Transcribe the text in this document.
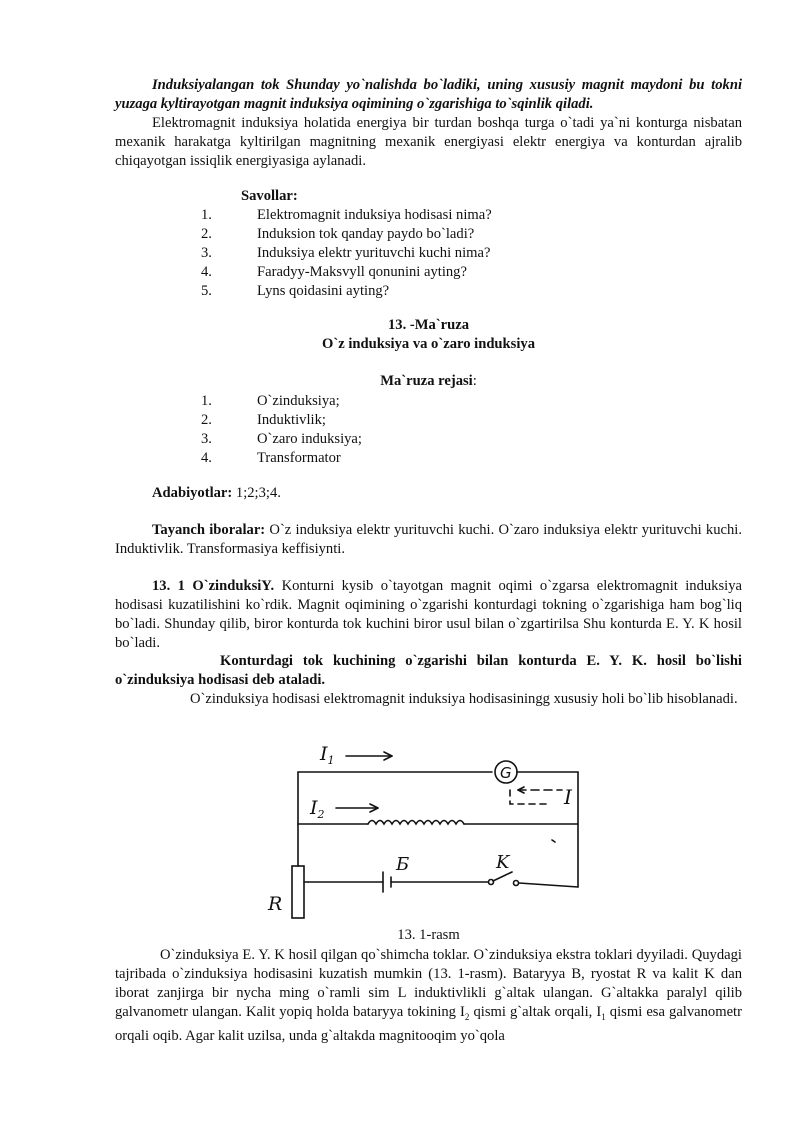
Induksiyalangan tok Shunday yo`nalishda bo`ladiki, uning xususiy magnit maydoni bu tokni yuzaga kyltirayotgan magnit induksiya oqimining o`zgarishiga to`sqinlik qiladi.

Elektromagnit induksiya holatida energiya bir turdan boshqa turga o`tadi ya`ni konturga nisbatan mexanik harakatga kyltirilgan magnitning mexanik energiyasi elektr energiya va konturdan ajralib chiqayotgan issiqlik energiyasiga aylanadi.

Savollar:
1.	Elektromagnit induksiya hodisasi nima?
2.	Induksion tok qanday paydo bo`ladi?
3.	Induksiya elektr yurituvchi kuchi nima?
4.	Faradyy-Maksvyll qonunini ayting?
5.	Lyns qoidasini ayting?
13. -Ma`ruza
O`z induksiya va o`zaro induksiya
Ma`ruza rejasi:
1.	O`zinduksiya;
2.	Induktivlik;
3.	O`zaro induksiya;
4.	Transformator

Adabiyotlar: 1;2;3;4.

Tayanch iboralar: O`z induksiya elektr yurituvchi kuchi. O`zaro induksiya elektr yurituvchi kuchi. Induktivlik. Transformasiya keffisiynti.

13. 1 O`zinduksiY. Konturni kysib o`tayotgan magnit oqimi o`zgarsa elektromagnit induksiya hodisasi kuzatilishini ko`rdik. Magnit oqimining o`zgarishi konturdagi tokning o`zgarishiga ham bog`liq bo`ladi. Shunday qilib, biror konturda tok kuchini biror usul bilan o`zgartirilsa Shu konturda E. Y. K hosil bo`ladi.

Konturdagi tok kuchining o`zgarishi bilan konturda E. Y. K. hosil bo`lishi o`zinduksiya hodisasi deb ataladi.

O`zinduksiya hodisasi elektromagnit induksiya hodisasiningg xususiy holi bo`lib hisoblanadi.

13. 1-rasm

O`zinduksiya E. Y. K hosil qilgan qo`shimcha toklar. O`zinduksiya ekstra toklari dyyiladi. Quydagi tajribada o`zinduksiya hodisasini kuzatish mumkin (13. 1-rasm). Bataryya B, ryostat R va kalit K dan iborat zanjirga bir nycha ming o`ramli sim L induktivlikli g`altak ulangan. G`altakka paralyl qilib galvanometr ulangan. Kalit yopiq holda bataryya tokining $I_2$ qismi g`altak orqali, $I_1$ qismi esa galvanometr orqali oqib. Agar kalit uzilsa, unda g`altakda magnitooqim yo`qola

$I_1$
$I_2$
G
I
Б	K
R
